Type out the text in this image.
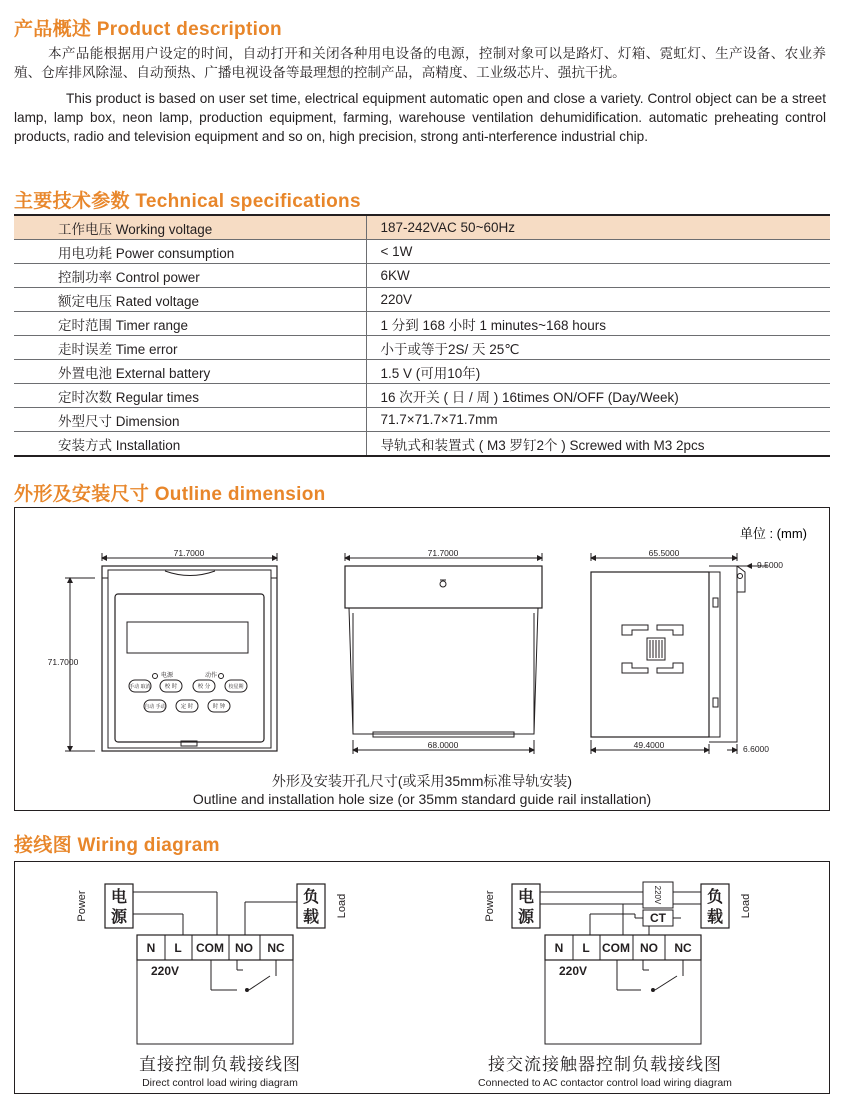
产品概述 Product description

本产品能根据用户设定的时间，自动打开和关闭各种用电设备的电源，控制对象可以是路灯、灯箱、霓虹灯、生产设备、农业养殖、仓库排风除湿、自动预热、广播电视设备等最理想的控制产品，高精度、工业级芯片、强抗干扰。

This product is based on user set time, electrical equipment automatic open and close a variety. Control object can be a street lamp, lamp box, neon lamp, production equipment, farming, warehouse ventilation dehumidification. automatic preheating control products, radio and television equipment and so on, high precision, strong anti-nterference industrial chip.

主要技术参数 Technical specifications
工作电压 Working voltage	187-242VAC 50~60Hz
用电功耗 Power consumption	< 1W
控制功率 Control power	6KW
额定电压 Rated voltage	220V
定时范围 Timer range	1 分到 168 小时 1 minutes~168 hours
走时误差 Time error	小于或等于2S/ 天 25℃
外置电池 External battery	1.5 V (可用10年)
定时次数 Regular times	16 次开关 ( 日 / 周 ) 16times ON/OFF (Day/Week)
外型尺寸 Dimension	71.7×71.7×71.7mm
安装方式 Installation	导轨式和装置式 ( M3 罗钉2个 ) Screwed with M3 2pcs
外形及安装尺寸 Outline dimension
单位 : (mm)
71.7000
71.7000
电源	动作
手动 取消	校 时	校 分	校星期
自动 手动	定 时	时 钟
71.7000
68.0000
65.5000
9.5000
49.4000	6.6000
外形及安装开孔尺寸(或采用35mm标准导轨安装)
Outline and installation hole size (or 35mm standard guide rail installation)
接线图 Wiring diagram
Power 电源
负载 Load
N L COM NO NC
220V
Power 电源
负载 Load
220V
CT
N L COM NO NC
220V
直接控制负载接线图
Direct control load wiring diagram
接交流接触器控制负载接线图
Connected to AC contactor control load wiring diagram
